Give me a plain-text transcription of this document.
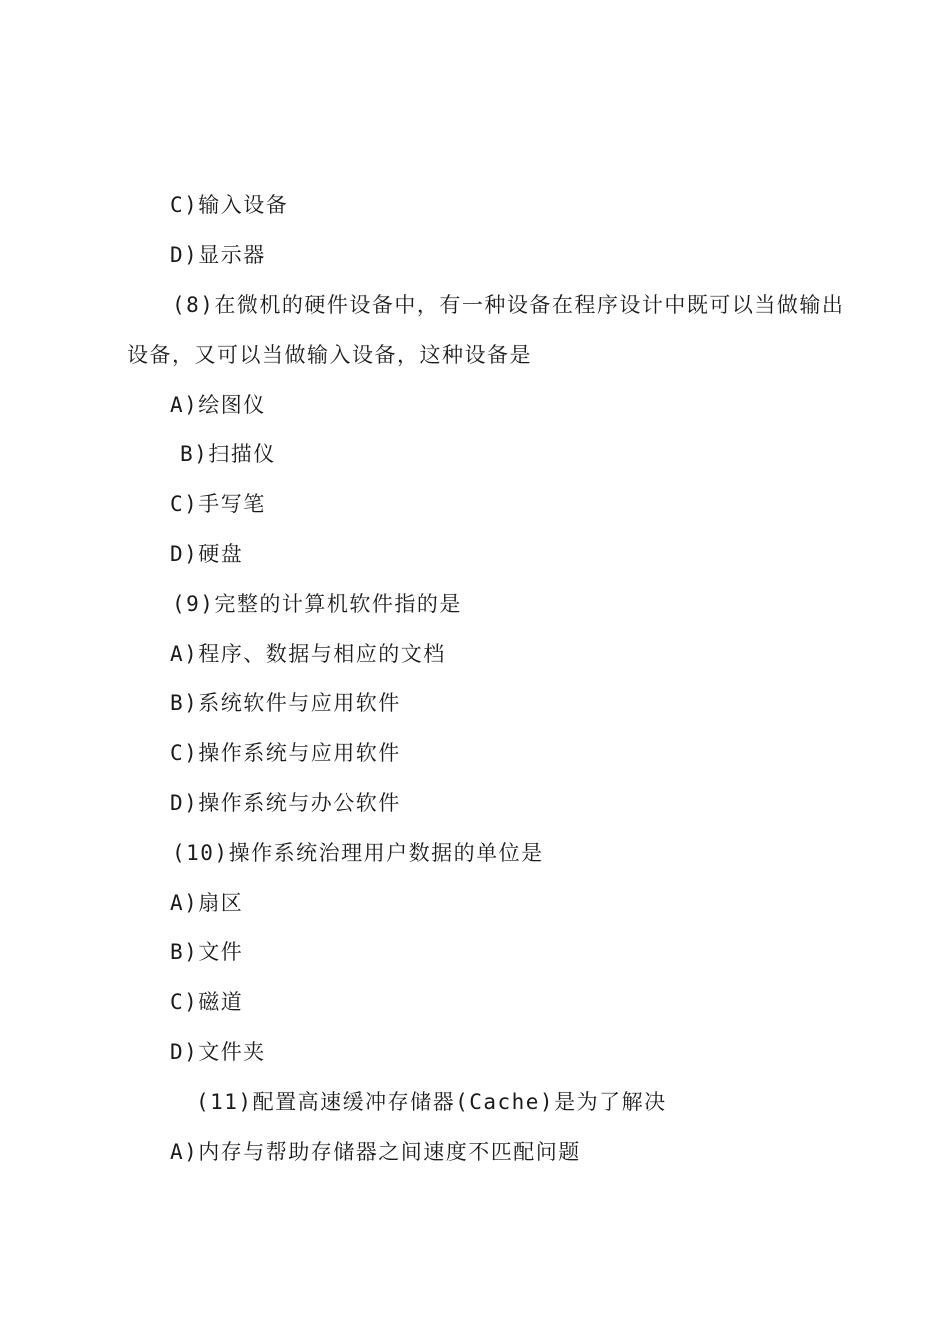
C)输入设备
D)显示器
(8)在微机的硬件设备中，有一种设备在程序设计中既可以当做输出
设备，又可以当做输入设备，这种设备是
A)绘图仪
B)扫描仪
C)手写笔
D)硬盘
(9)完整的计算机软件指的是
A)程序、数据与相应的文档
B)系统软件与应用软件
C)操作系统与应用软件
D)操作系统与办公软件
(10)操作系统治理用户数据的单位是
A)扇区
B)文件
C)磁道
D)文件夹
(11)配置高速缓冲存储器(Cache)是为了解决
A)内存与帮助存储器之间速度不匹配问题
